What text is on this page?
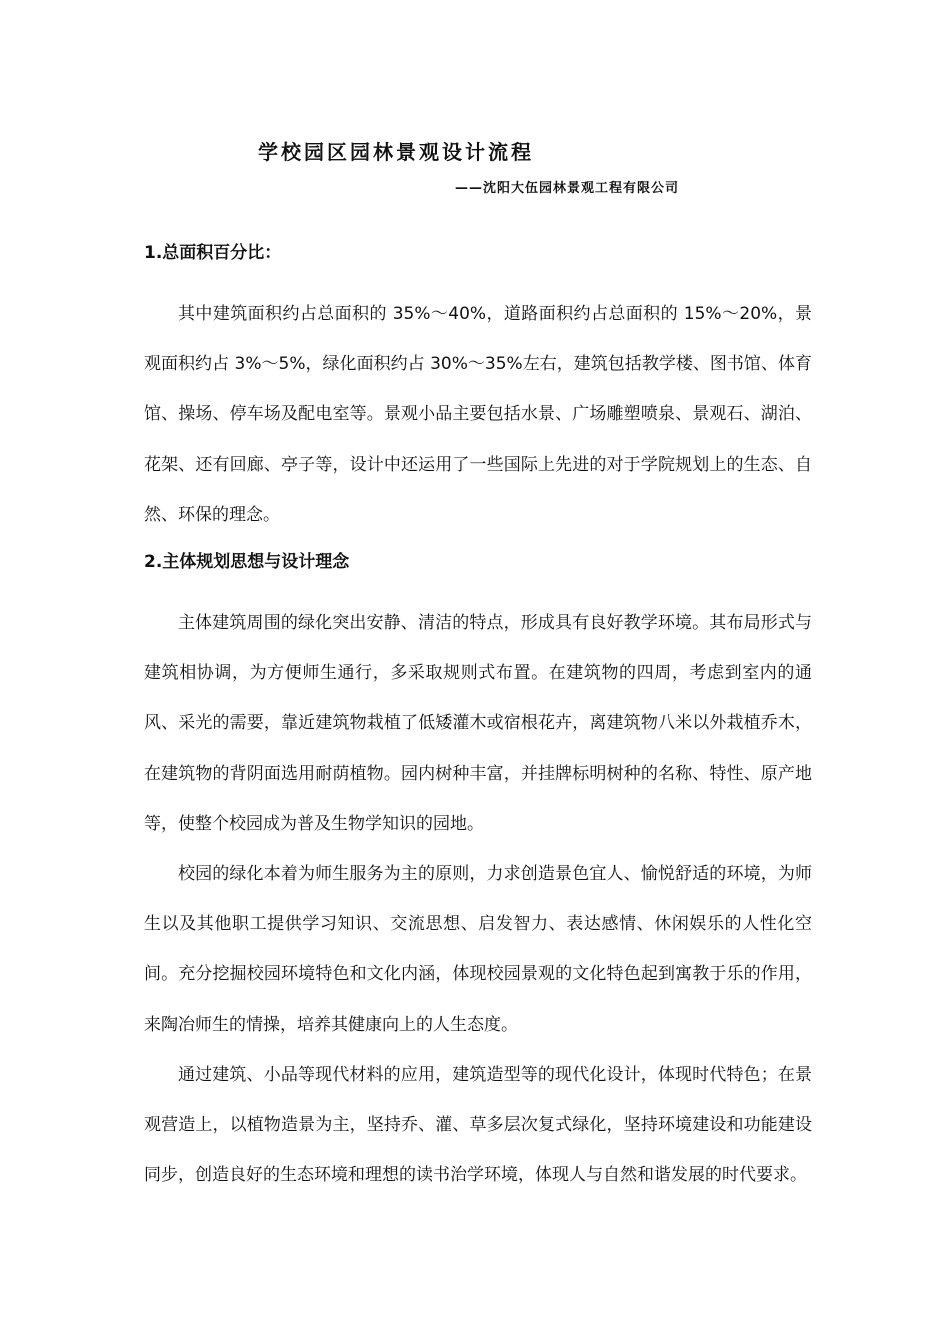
学校园区园林景观设计流程
——沈阳大伍园林景观工程有限公司

1.总面积百分比：

其中建筑面积约占总面积的 35%～40%，道路面积约占总面积的 15%～20%，景观面积约占 3%～5%，绿化面积约占 30%～35%左右，建筑包括教学楼、图书馆、体育馆、操场、停车场及配电室等。景观小品主要包括水景、广场雕塑喷泉、景观石、湖泊、花架、还有回廊、亭子等，设计中还运用了一些国际上先进的对于学院规划上的生态、自然、环保的理念。

2.主体规划思想与设计理念

主体建筑周围的绿化突出安静、清洁的特点，形成具有良好教学环境。其布局形式与建筑相协调，为方便师生通行，多采取规则式布置。在建筑物的四周，考虑到室内的通风、采光的需要，靠近建筑物栽植了低矮灌木或宿根花卉，离建筑物八米以外栽植乔木，在建筑物的背阴面选用耐荫植物。园内树种丰富，并挂牌标明树种的名称、特性、原产地等，使整个校园成为普及生物学知识的园地。

校园的绿化本着为师生服务为主的原则，力求创造景色宜人、愉悦舒适的环境，为师生以及其他职工提供学习知识、交流思想、启发智力、表达感情、休闲娱乐的人性化空间。充分挖掘校园环境特色和文化内涵，体现校园景观的文化特色起到寓教于乐的作用，来陶冶师生的情操，培养其健康向上的人生态度。

通过建筑、小品等现代材料的应用，建筑造型等的现代化设计，体现时代特色；在景观营造上，以植物造景为主，坚持乔、灌、草多层次复式绿化，坚持环境建设和功能建设同步，创造良好的生态环境和理想的读书治学环境，体现人与自然和谐发展的时代要求。
